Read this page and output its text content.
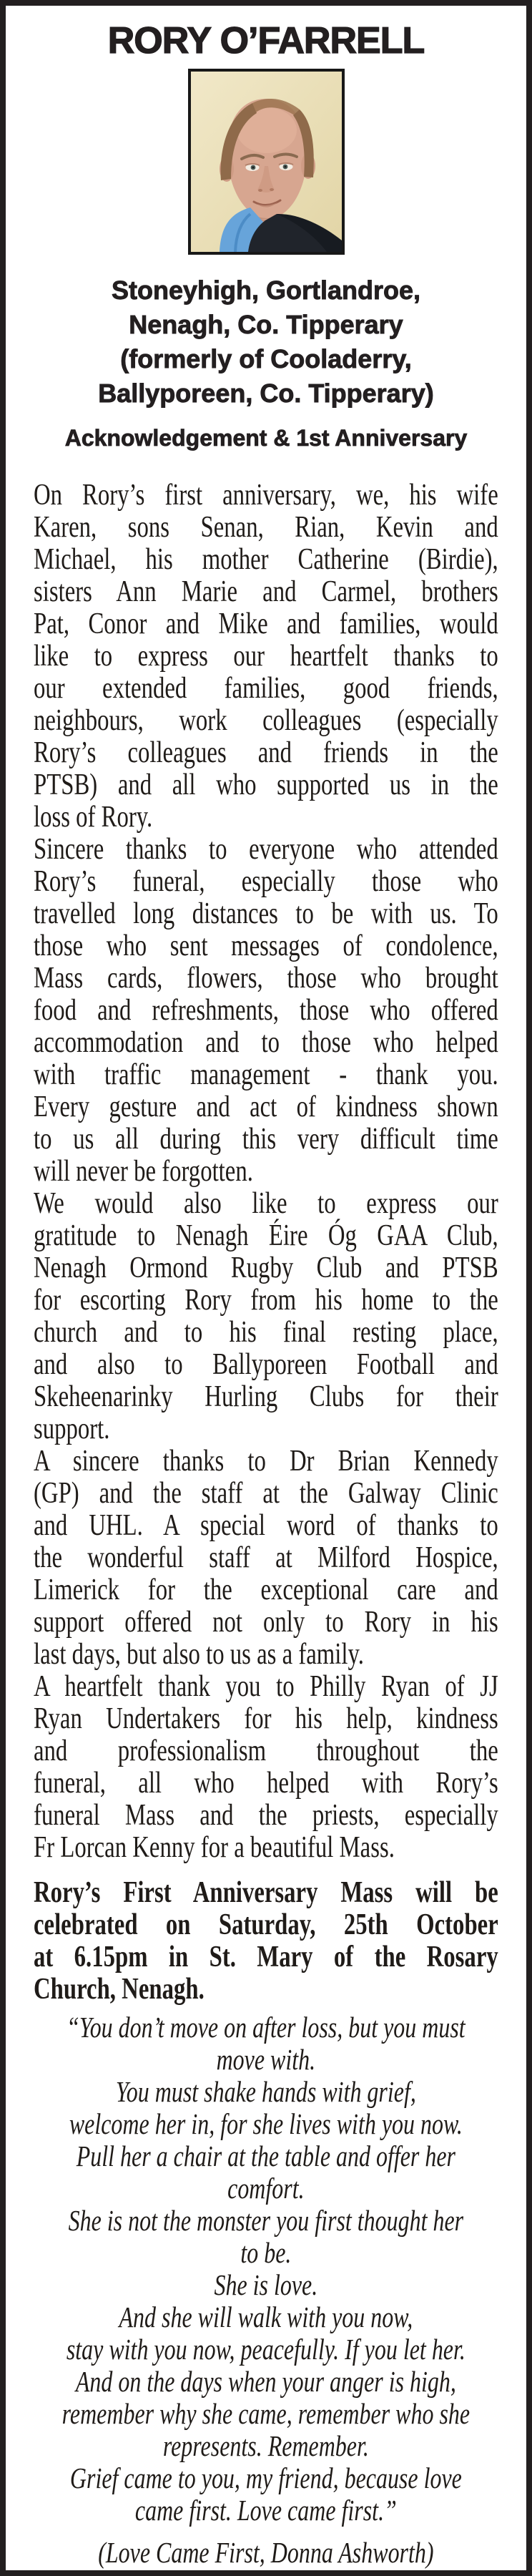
RORY O’FARRELL
Stoneyhigh, Gortlandroe,
Nenagh, Co. Tipperary
(formerly of Cooladerry,
Ballyporeen, Co. Tipperary)
Acknowledgement & 1st Anniversary
On Rory’s first anniversary, we, his wife
Karen, sons Senan, Rian, Kevin and
Michael, his mother Catherine (Birdie),
sisters Ann Marie and Carmel, brothers
Pat, Conor and Mike and families, would
like to express our heartfelt thanks to
our extended families, good friends,
neighbours, work colleagues (especially
Rory’s colleagues and friends in the
PTSB) and all who supported us in the
loss of Rory.
Sincere thanks to everyone who attended
Rory’s funeral, especially those who
travelled long distances to be with us. To
those who sent messages of condolence,
Mass cards, flowers, those who brought
food and refreshments, those who offered
accommodation and to those who helped
with traffic management - thank you.
Every gesture and act of kindness shown
to us all during this very difficult time
will never be forgotten.
We would also like to express our
gratitude to Nenagh Éire Óg GAA Club,
Nenagh Ormond Rugby Club and PTSB
for escorting Rory from his home to the
church and to his final resting place,
and also to Ballyporeen Football and
Skeheenarinky Hurling Clubs for their
support.
A sincere thanks to Dr Brian Kennedy
(GP) and the staff at the Galway Clinic
and UHL. A special word of thanks to
the wonderful staff at Milford Hospice,
Limerick for the exceptional care and
support offered not only to Rory in his
last days, but also to us as a family.
A heartfelt thank you to Philly Ryan of JJ
Ryan Undertakers for his help, kindness
and professionalism throughout the
funeral, all who helped with Rory’s
funeral Mass and the priests, especially
Fr Lorcan Kenny for a beautiful Mass.
Rory’s First Anniversary Mass will be
celebrated on Saturday, 25th October
at 6.15pm in St. Mary of the Rosary
Church, Nenagh.
“You don’t move on after loss, but you must
move with.
You must shake hands with grief,
welcome her in, for she lives with you now.
Pull her a chair at the table and offer her
comfort.
She is not the monster you first thought her
to be.
She is love.
And she will walk with you now,
stay with you now, peacefully. If you let her.
And on the days when your anger is high,
remember why she came, remember who she
represents. Remember.
Grief came to you, my friend, because love
came first. Love came first.”
(Love Came First, Donna Ashworth)
